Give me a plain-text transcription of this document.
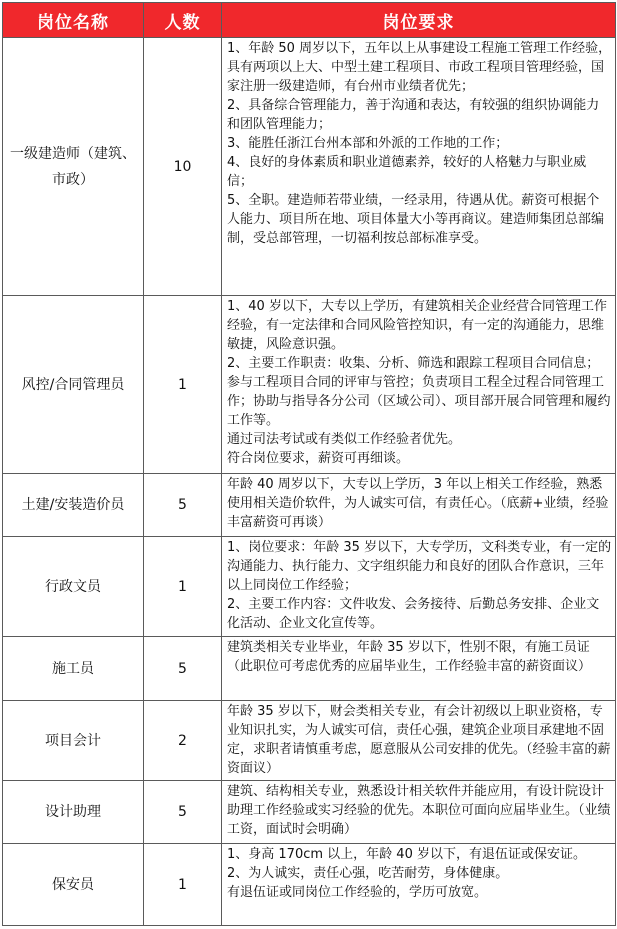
岗位名称	人数	岗位要求
一级建造师（建筑、市政）	10	1、年龄 50 周岁以下，五年以上从事建设工程施工管理工作经验，具有两项以上大、中型土建工程项目、市政工程项目管理经验，国家注册一级建造师，有台州市业绩者优先；
2、具备综合管理能力，善于沟通和表达，有较强的组织协调能力和团队管理能力；
3、能胜任浙江台州本部和外派的工作地的工作；
4、良好的身体素质和职业道德素养，较好的人格魅力与职业威信；
5、全职。建造师若带业绩，一经录用，待遇从优。薪资可根据个人能力、项目所在地、项目体量大小等再商议。建造师集团总部编制，受总部管理，一切福利按总部标准享受。

风控/合同管理员	1	1、40 岁以下，大专以上学历，有建筑相关企业经营合同管理工作经验，有一定法律和合同风险管控知识，有一定的沟通能力，思维敏捷，风险意识强。
2、主要工作职责：收集、分析、筛选和跟踪工程项目合同信息；参与工程项目合同的评审与管控；负责项目工程全过程合同管理工作；协助与指导各分公司（区域公司）、项目部开展合同管理和履约工作等。
通过司法考试或有类似工作经验者优先。
符合岗位要求，薪资可再细谈。

土建/安装造价员	5	年龄 40 周岁以下，大专以上学历，3 年以上相关工作经验，熟悉使用相关造价软件，为人诚实可信，有责任心。（底薪+业绩，经验丰富薪资可再谈）

行政文员	1	1、岗位要求：年龄 35 岁以下，大专学历，文科类专业，有一定的沟通能力、执行能力、文字组织能力和良好的团队合作意识，三年以上同岗位工作经验；
2、主要工作内容：文件收发、会务接待、后勤总务安排、企业文化活动、企业文化宣传等。

施工员	5	建筑类相关专业毕业，年龄 35 岁以下，性别不限，有施工员证（此职位可考虑优秀的应届毕业生，工作经验丰富的薪资面议）

项目会计	2	年龄 35 岁以下，财会类相关专业，有会计初级以上职业资格，专业知识扎实，为人诚实可信，责任心强，建筑企业项目承建地不固定，求职者请慎重考虑，愿意服从公司安排的优先。（经验丰富的薪资面议）

设计助理	5	建筑、结构相关专业，熟悉设计相关软件并能应用，有设计院设计助理工作经验或实习经验的优先。本职位可面向应届毕业生。（业绩工资，面试时会明确）

保安员	1	1、身高 170cm 以上，年龄 40 岁以下，有退伍证或保安证。
2、为人诚实，责任心强，吃苦耐劳，身体健康。
有退伍证或同岗位工作经验的，学历可放宽。
